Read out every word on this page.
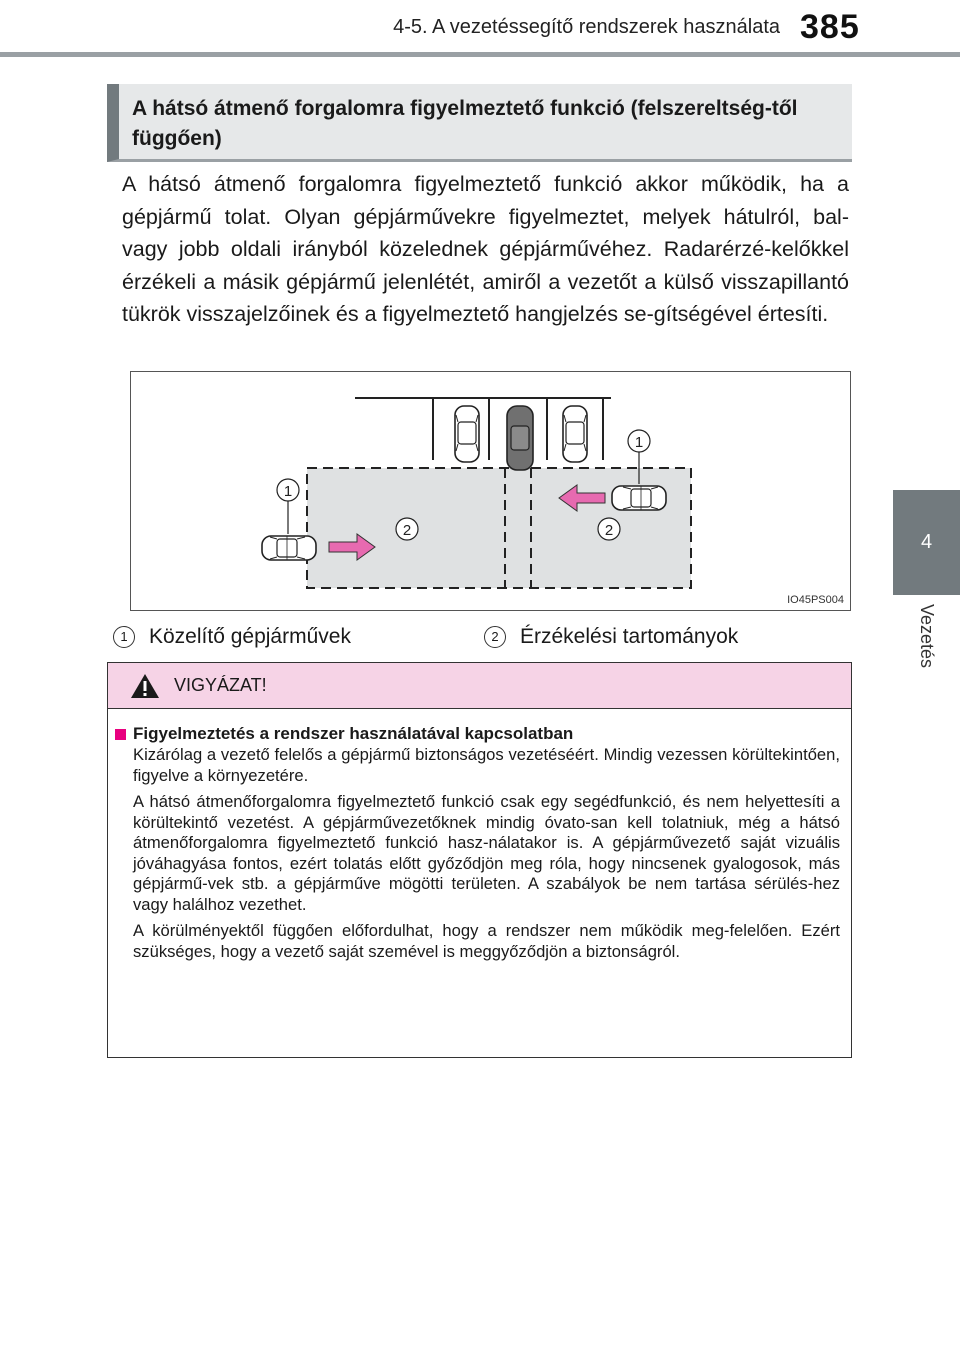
4-5. A vezetéssegítő rendszerek használata 385
4
Vezetés
A hátsó átmenő forgalomra figyelmeztető funkció (felszereltség-től függően)
A hátsó átmenő forgalomra figyelmeztető funkció akkor működik, ha a gépjármű tolat. Olyan gépjárművekre figyelmeztet, melyek hátulról, bal- vagy jobb oldali irányból közelednek gépjárművéhez. Radarérzé-kelőkkel érzékeli a másik gépjármű jelenlétét, amiről a vezetőt a külső visszapillantó tükrök visszajelzőinek és a figyelmeztető hangjelzés se-gítségével értesíti.
1
1
2	2
IO45PS004
1	Közelítő gépjárművek	2	Érzékelési tartományok
VIGYÁZAT!
Figyelmeztetés a rendszer használatával kapcsolatban

Kizárólag a vezető felelős a gépjármű biztonságos vezetéséért. Mindig vezessen körültekintően, figyelve a környezetére.

A hátsó átmenőforgalomra figyelmeztető funkció csak egy segédfunkció, és nem helyettesíti a körültekintő vezetést. A gépjárművezetőknek mindig óvato-san kell tolatniuk, még a hátsó átmenőforgalomra figyelmeztető funkció hasz-nálatakor is. A gépjárművezető saját vizuális jóváhagyása fontos, ezért tolatás előtt győződjön meg róla, hogy nincsenek gyalogosok, más gépjármű-vek stb. a gépjárműve mögötti területen. A szabályok be nem tartása sérülés-hez vagy halálhoz vezethet.

A körülményektől függően előfordulhat, hogy a rendszer nem működik meg-felelően. Ezért szükséges, hogy a vezető saját szemével is meggyőződjön a biztonságról.
